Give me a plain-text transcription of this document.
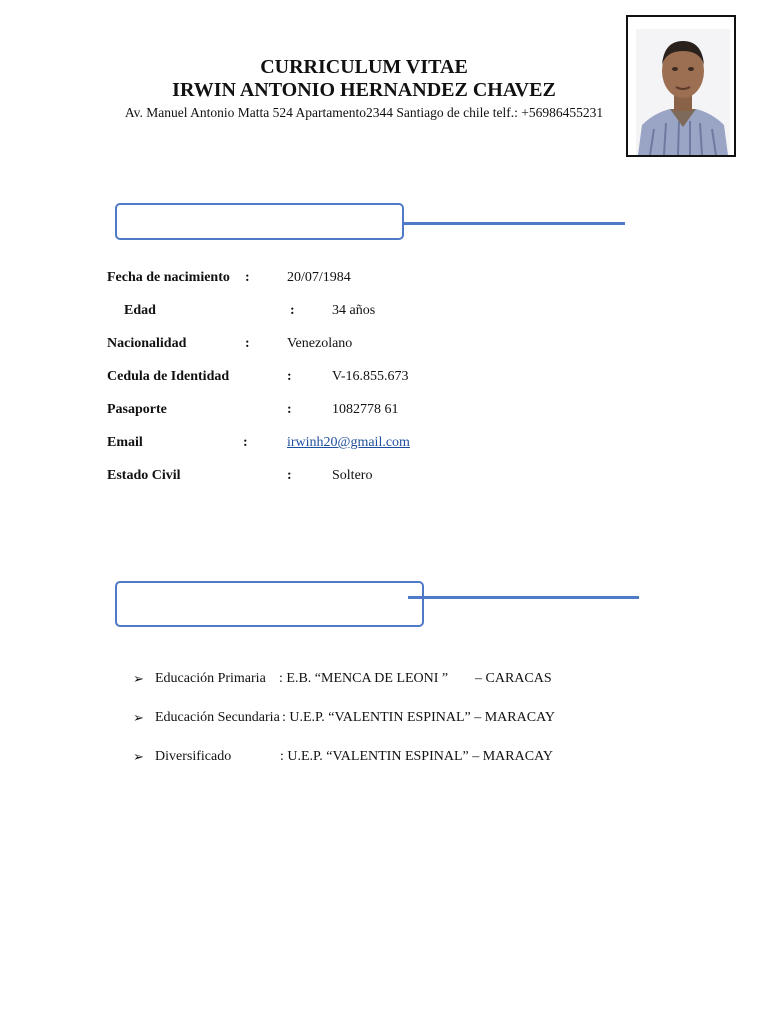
CURRICULUM VITAE
IRWIN ANTONIO HERNANDEZ CHAVEZ
Av. Manuel Antonio Matta 524 Apartamento2344 Santiago de chile telf.: +56986455231
Fecha de nacimiento :	20/07/1984
Edad	:	34 años
Nacionalidad	:	Venezolano
Cedula de Identidad	:	V-16.855.673
Pasaporte	:	1082778 61
Email	:	irwinh20@gmail.com
Estado Civil	:	Soltero
➢ Educación Primaria : E.B. “MENCA DE LEONI ” – CARACAS
➢ Educación Secundaria : U.E.P. “VALENTIN ESPINAL” – MARACAY
➢ Diversificado	: U.E.P. “VALENTIN ESPINAL” – MARACAY
